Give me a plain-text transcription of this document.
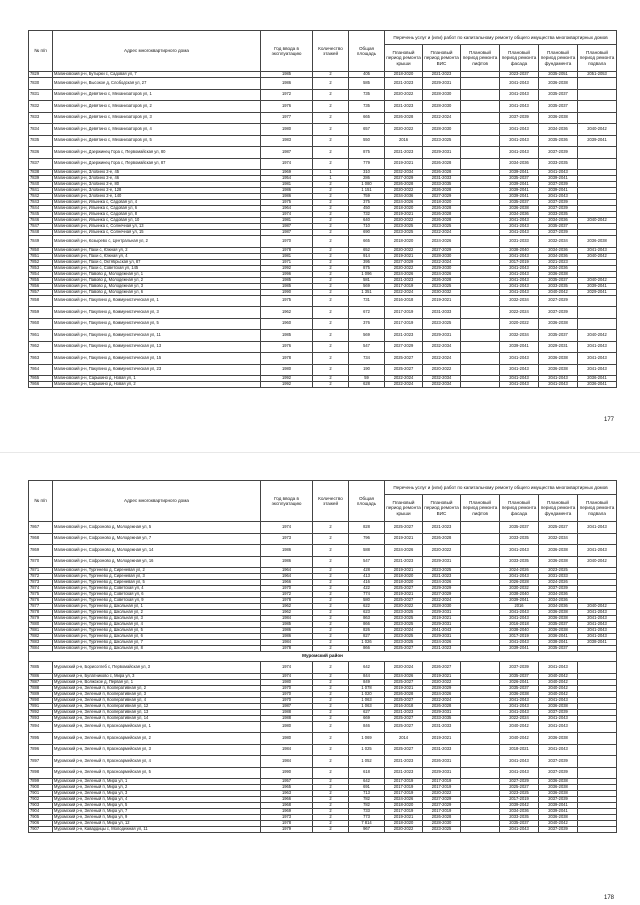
№ п/п	Адрес многоквартирного дома	Год ввода в эксплуатацию	Количество этажей	Общая площадь	Перечень услуг и (или) работ по капитальному ремонту общего имущества многоквартирных домов					
					Плановый период ремонта крыши	Плановый период ремонта ВИС	Плановый период ремонта лифтов	Плановый период ремонта фасада	Плановый период ремонта фундамента	Плановый период ремонта подвала
7829	Малиновский р-н, Бутырки с, Садовая ул, 7	1985	2	405	2018-2020	2021-2023		2023-2037	2035-2051	2051-2053
7830	Малиновский р-н, Высокое д, Слободская ул, 27	1986	2	585	2021-2023	2029-2031		2041-2043	2036-2038	
7831	Малиновский р-н, Девятино с, Механизаторов ул, 1	1972	2	735	2020-2022	2028-2030		2041-2043	2035-2037	
7832	Малиновский р-н, Девятино с, Механизаторов ул, 2	1976	2	735	2021-2023	2028-2030		2041-2043	2035-2037	
7833	Малиновский р-н, Девятино с, Механизаторов ул, 3	1977	2	665	2026-2028	2022-2024		2037-2039	2036-2038	
7834	Малиновский р-н, Девятино с, Механизаторов ул, 4	1980	2	657	2020-2022	2028-2030		2041-2043	2034-2036	2040-2042
7835	Малиновский р-н, Девятино с, Механизаторов ул, 5	1983	2	550	2016	2023-2025		2041-2043	2035-2036	2039-2041
7836	Малиновский р-н, Дзержинец Гора с, Первомайская ул, 80	1987	2	875	2021-2023	2029-2031		2041-2043	2037-2039	
7837	Малиновский р-н, Дзержинец Гора с, Первомайская ул, 87	1974	2	779	2019-2021	2026-2028		2034-2036	2033-2035	
7838	Малиновский р-н, Злобино 2-е, 45	1969	1	310	2032-2034	2026-2028		2039-2041	2041-2043	
7839	Малиновский р-н, Злобино 2-е, 46	1954	1	286	2027-2029	2031-2033		2035-2037	2039-2041	
7840	Малиновский р-н, Злобино 2-е, 80	1981	2	1 080	2026-2028	2033-2035		2039-2041	2037-2039	
7841	Малиновский р-н, Злобино 2-е, 128	1986	2	1 151	2020-2022	2026-2028		2039-2041	2039-2041	
7842	Малиновский р-н, Злобино 2-е, 140	1986	2	759	2034-2036	2027-2029		2039-2041	2041-2043	
7843	Малиновский р-н, Ильинка с, Садовая ул, 4	1975	2	375	2024-2026	2018-2020		2035-2037	2037-2039	
7844	Малиновский р-н, Ильинка с, Садовая ул, 6	1964	2	450	2018-2020	2026-2028		2036-2038	2037-2039	
7845	Малиновский р-н, Ильинка с, Садовая ул, 8	1974	2	732	2019-2021	2026-2028		2034-2036	2033-2035	
7846	Малиновский р-н, Ильинка с, Садовая ул, 10	1981	2	640	2020-2022	2026-2028		2041-2043	2034-2036	2040-2042
7847	Малиновский р-н, Ильинка с, Солнечная ул, 13	1987	2	710	2023-2025	2023-2025		2041-2043	2035-2037	
7848	Малиновский р-н, Ильинка с, Солнечная ул, 15	1987	2	690	2023-2025	2022-2024		2041-2043	2037-2039	
7849	Малиновский р-н, Козырево с, Центральная ул, 2	1970	2	665	2018-2020	2024-2026		2031-2033	2032-2034	2036-2038
7850	Малиновский р-н, Пахи с, Южная ул, 2	1978	2	652	2020-2022	2027-2029		2038-2040	2034-2036	2041-2043
7851	Малиновский р-н, Пахи с, Южная ул, 4	1981	2	914	2019-2021	2028-2030		2041-2043	2034-2036	2040-2042
7852	Малиновский р-н, Пахи с, Октябрьская ул, 87	1971	2	395	2027-2029	2022-2024		2017-2019	2021-2023	
7853	Малиновский р-н, Пахи с, Советская ул, 145	1992	2	875	2020-2022	2029-2030		2041-2043	2034-2036	
7854	Малиновский р-н, Павово д, Молодежная ул, 1	1996	2	1 096	2024-2026	2024-2026		2041-2043	2036-2038	
7855	Малиновский р-н, Павово д, Молодежная ул, 2	1985	2	581	2021-2023	2026-2028		2041-2043	2035-2037	2040-2042
7856	Малиновский р-н, Павово д, Молодежная ул, 3	1985	2	569	2017-2019	2023-2025		2041-2043	2033-2035	2039-2041
7857	Малиновский р-н, Павово д, Молодежная ул, 6	1990	2	1 351	2022-2024	2030-2032		2041-2043	2040-2042	2029-2041
7858	Малиновский р-н, Пакулино д, Коммунистическая ул, 1	1975	2	731	2016-2018	2019-2021		2032-2034	2027-2029	
7859	Малиновский р-н, Пакулино д, Коммунистическая ул, 3	1962	2	672	2017-2019	2031-2033		2022-2024	2037-2039	
7860	Малиновский р-н, Пакулино д, Коммунистическая ул, 5	1960	2	376	2017-2019	2023-2025		2020-2022	2036-2038	
7861	Малиновский р-н, Пакулино д, Коммунистическая ул, 11	1985	2	569	2021-2023	2029-2031		2032-2034	2035-2037	2040-2042
7862	Малиновский р-н, Пакулино д, Коммунистическая ул, 13	1976	2	547	2027-2029	2032-2034		2039-2041	2029-2031	2041-2043
7863	Малиновский р-н, Пакулино д, Коммунистическая ул, 15	1978	2	734	2025-2027	2022-2024		2041-2043	2036-2038	2041-2043
7864	Малиновский р-н, Пакулино д, Коммунистическая ул, 23	1980	2	190	2025-2027	2020-2022		2041-2043	2036-2038	2041-2043
7865	Малиновский р-н, Сарыкино д, Новая ул, 1	1992	2	59	2022-2024	2032-2034		2041-2043	2041-2043	2036-2041
7866	Малиновский р-н, Сарыкино д, Новая ул, 2	1992	2	628	2022-2024	2032-2034		2041-2043	2041-2043	2036-2041
177
№ п/п	Адрес многоквартирного дома	Год ввода в эксплуатацию	Количество этажей	Общая площадь	Перечень услуг и (или) работ по капитальному ремонту общего имущества многоквартирных домов					
					Плановый период ремонта крыши	Плановый период ремонта ВИС	Плановый период ремонта лифтов	Плановый период ремонта фасада	Плановый период ремонта фундамента	Плановый период ремонта подвала
7867	Малиновский р-н, Софроново д, Молодежная ул, 5	1974	2	828	2025-2027	2021-2023		2035-2037	2025-2027	2041-2043
7868	Малиновский р-н, Софроново д, Молодежная ул, 7	1973	2	796	2019-2021	2026-2028		2033-2035	2032-2034	
7869	Малиновский р-н, Софроново д, Молодежная ул, 14	1986	2	588	2024-2026	2020-2022		2041-2043	2036-2038	2041-2043
7870	Малиновский р-н, Софроново д, Молодежная ул, 16	1986	2	547	2021-2023	2029-2031		2033-2035	2036-2038	2040-2042
7871	Малиновский р-н, Тургенево д, Сиреневая ул, 2	1964	2	428	2019-2021	2023-2025		2024-2026	2023-2025	
7872	Малиновский р-н, Тургенево д, Сиреневая ул, 3	1964	2	413	2018-2020	2021-2023		2041-2043	2031-2033	
7873	Малиновский р-н, Тургенево д, Сиреневая ул, 5	1966	2	416	2018-2020	2024-2026		2026-2028	2024-2026	
7874	Малиновский р-н, Тургенево д, Советская ул, 4	1970	2	422	2025-2027	2029-2029		2030-2032	2037-2039	
7875	Малиновский р-н, Тургенево д, Советская ул, 6	1972	2	774	2019-2021	2027-2029		2038-2040	2034-2036	
7876	Малиновский р-н, Тургенево д, Советская ул, 9	1978	2	580	2025-2027	2022-2024		2039-2041	2034-2036	
7877	Малиновский р-н, Тургенево д, Школьная ул, 1	1962	2	622	2020-2022	2028-2030		2016	2034-2036	2040-2042
7878	Малиновский р-н, Тургенево д, Школьная ул, 2	1962	2	623	2023-2025	2029-2031		2041-2043	2036-2038	2041-2043
7879	Малиновский р-н, Тургенево д, Школьная ул, 3	1984	2	863	2023-2025	2019-2021		2041-2043	2036-2038	2041-2043
7880	Малиновский р-н, Тургенево д, Школьная ул, 4	1985	2	866	2023-2025	2029-2031		2016-2018	2035-2037	2041-2043
7881	Малиновский р-н, Тургенево д, Школьная ул, 5	1986	2	826	2022-2024	2041-2043		2038-2040	2036-2038	2041-2043
7882	Малиновский р-н, Тургенево д, Школьная ул, 6	1986	2	827	2023-2025	2029-2031		2017-2019	2036-2041	2041-2043
7883	Малиновский р-н, Тургенево д, Школьная ул, 7	1984	2	1 026	2023-2025	2024-2026		2041-2043	2038-2041	2038-2041
7884	Малиновский р-н, Тургенево д, Школьная ул, 8	1978	2	866	2025-2027	2021-2023		2039-2041	2035-2037	
Муромский район										
7885	Муромский р-н, Борисоглеб с, Первомайская ул, 3	1974	2	642	2020-2024	2026-2027		2037-2039	2041-2043	
7886	Муромский р-н, Булатниково с, Мира ул, 3	1974	2	844	2024-2026	2019-2021		2035-2037	2040-2042	
7887	Муромский р-н, Волжское д, Первая ул, 1	1980	2	849	2025-2027	2020-2022		2026-2041	2040-2042	
7888	Муромский р-н, Зеленый п, Кооперативная ул, 2	1970	2	1 078	2019-2021	2028-2029		2035-2037	2040-2042	
7889	Муромский р-н, Зеленый п, Кооперативная ул, 3	1970	2	1 020	2026-2028	2024-2026		2036-2038	2040-2042	
7890	Муромский р-н, Зеленый п, Кооперативная ул, 4	1970	2	1 063	2025-2027	2022-2024		2041-2043	2041-2043	
7891	Муромский р-н, Зеленый п, Кооперативная ул, 12	1987	2	1 063	2016-2018	2026-2028		2041-2043	2036-2038	
7892	Муромский р-н, Зеленый п, Кооперативная ул, 13	1988	2	627	2021-2023	2029-2031		2041-2043	2037-2039	
7893	Муромский р-н, Зеленый п, Кооперативная ул, 14	1988	2	669	2025-2027	2033-2035		2022-2024	2041-2043	
7894	Муромский р-н, Зеленый п, Красноармейская ул, 1	1980	2	846	2025-2027	2031-2033		2040-2042	2041-2043	
7895	Муромский р-н, Зеленый п, Красноармейская ул, 2	1980	2	1 069	2014	2019-2021		2040-2042	2036-2038	
7896	Муромский р-н, Зеленый п, Красноармейская ул, 3	1984	2	1 025	2025-2027	2031-2033		2018-2021	2041-2043	
7897	Муромский р-н, Зеленый п, Красноармейская ул, 4	1984	2	1 052	2021-2023	2026-2031		2041-2043	2037-2039	
7898	Муромский р-н, Зеленый п, Красноармейская ул, 5	1990	2	618	2021-2023	2029-2031		2041-2043	2037-2039	
7899	Муромский р-н, Зеленый п, Мира ул, 1	1957	2	642	2017-2019	2017-2019		2027-2029	2036-2038	
7900	Муромский р-н, Зеленый п, Мира ул, 2	1965	2	691	2017-2019	2017-2019		2025-2027	2036-2038	
7901	Муромский р-н, Зеленый п, Мира ул, 3	1963	2	713	2017-2019	2020-2022		2023-2025	2036-2038	
7902	Муромский р-н, Зеленый п, Мира ул, 4	1966	2	782	2024-2026	2027-2029		2017-2019	2037-2039	
7903	Муромский р-н, Зеленый п, Мира ул, 5	1968	2	782	2018-2020	2027-2029		2039-2042	2039-2041	
7904	Муромский р-н, Зеленый п, Мира ул, 7	1969	2	733	2017-2019	2017-2019		2034-2036	2039-2041	
7905	Муромский р-н, Зеленый п, Мира ул, 9	1973	2	773	2019-2021	2026-2028		2033-2035	2036-2038	
7906	Муромский р-н, Зеленый п, Мира ул, 12	1978	2	7 814	2018-2020	2028-2030		2035-2037	2040-2042	
7907	Муромский р-н, Кавардицы с, Молодежная ул, 11	1979	2	967	2020-2022	2023-2025		2041-2043	2037-2039	
178
